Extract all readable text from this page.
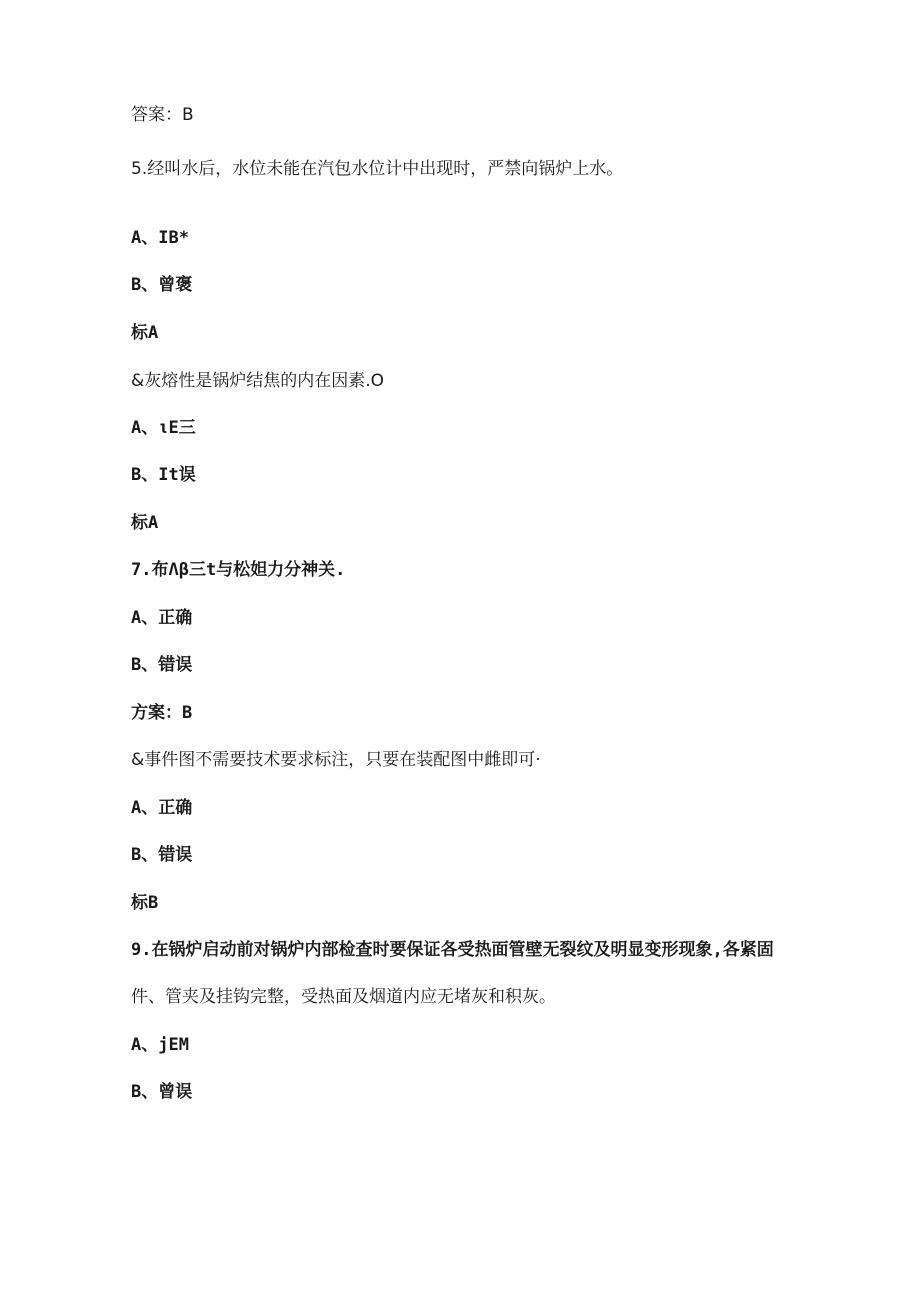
答案：B
5.经叫水后，水位未能在汽包水位计中出现时，严禁向锅炉上水。
A、IB*
B、曾褒
标A
&灰熔性是锅炉结焦的内在因素.O
A、ιE三
B、It误
标A
7.布Λβ三t与松妲力分神关.
A、正确
B、错误
方案：B
&事件图不需要技术要求标注，只要在装配图中雌即可·
A、正确
B、错误
标B
9.在锅炉启动前对锅炉内部检查时要保证各受热面管壁无裂纹及明显变形现象,各紧固
件、管夹及挂钩完整，受热面及烟道内应无堵灰和积灰。
A、jEM
B、曾误
